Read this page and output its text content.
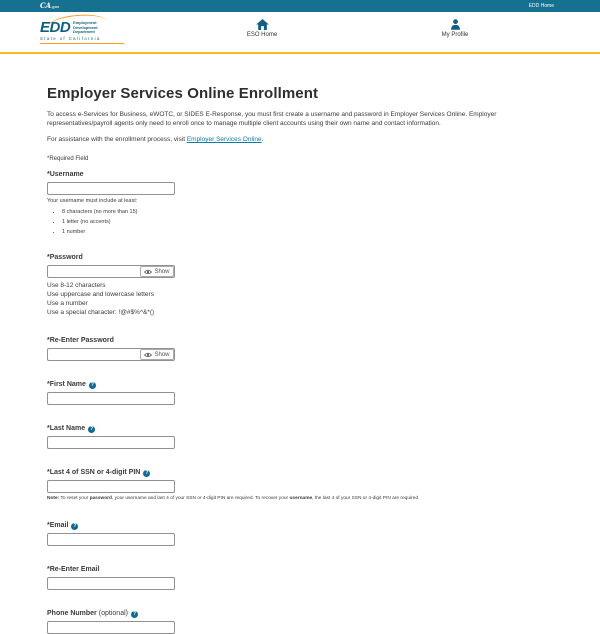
CA.gov	EDD Home
EDD Employment
Development
Department
State of California
ESO Home	My Profile
Employer Services Online Enrollment

To access e-Services for Business, eWOTC, or SIDES E-Response, you must first create a username and password in Employer Services Online. Employer representatives/payroll agents only need to enroll once to manage multiple client accounts using their own name and contact information.

For assistance with the enrollment process, visit Employer Services Online.

*Required Field
*Username
Your username must include at least:
• 8 characters (no more than 15)
• 1 letter (no accents)
• 1 number
*Password
Show
Use 8-12 characters
Use uppercase and lowercase letters
Use a number
Use a special character: !@#$%^&*()
*Re-Enter Password
Show
*First Name ?
*Last Name ?
*Last 4 of SSN or 4-digit PIN ?
Note: To reset your password, your username and last 4 of your SSN or 4-digit PIN are required. To recover your username, the last 4 of your SSN or 4-digit PIN are required.
*Email ?
*Re-Enter Email
Phone Number (optional) ?
